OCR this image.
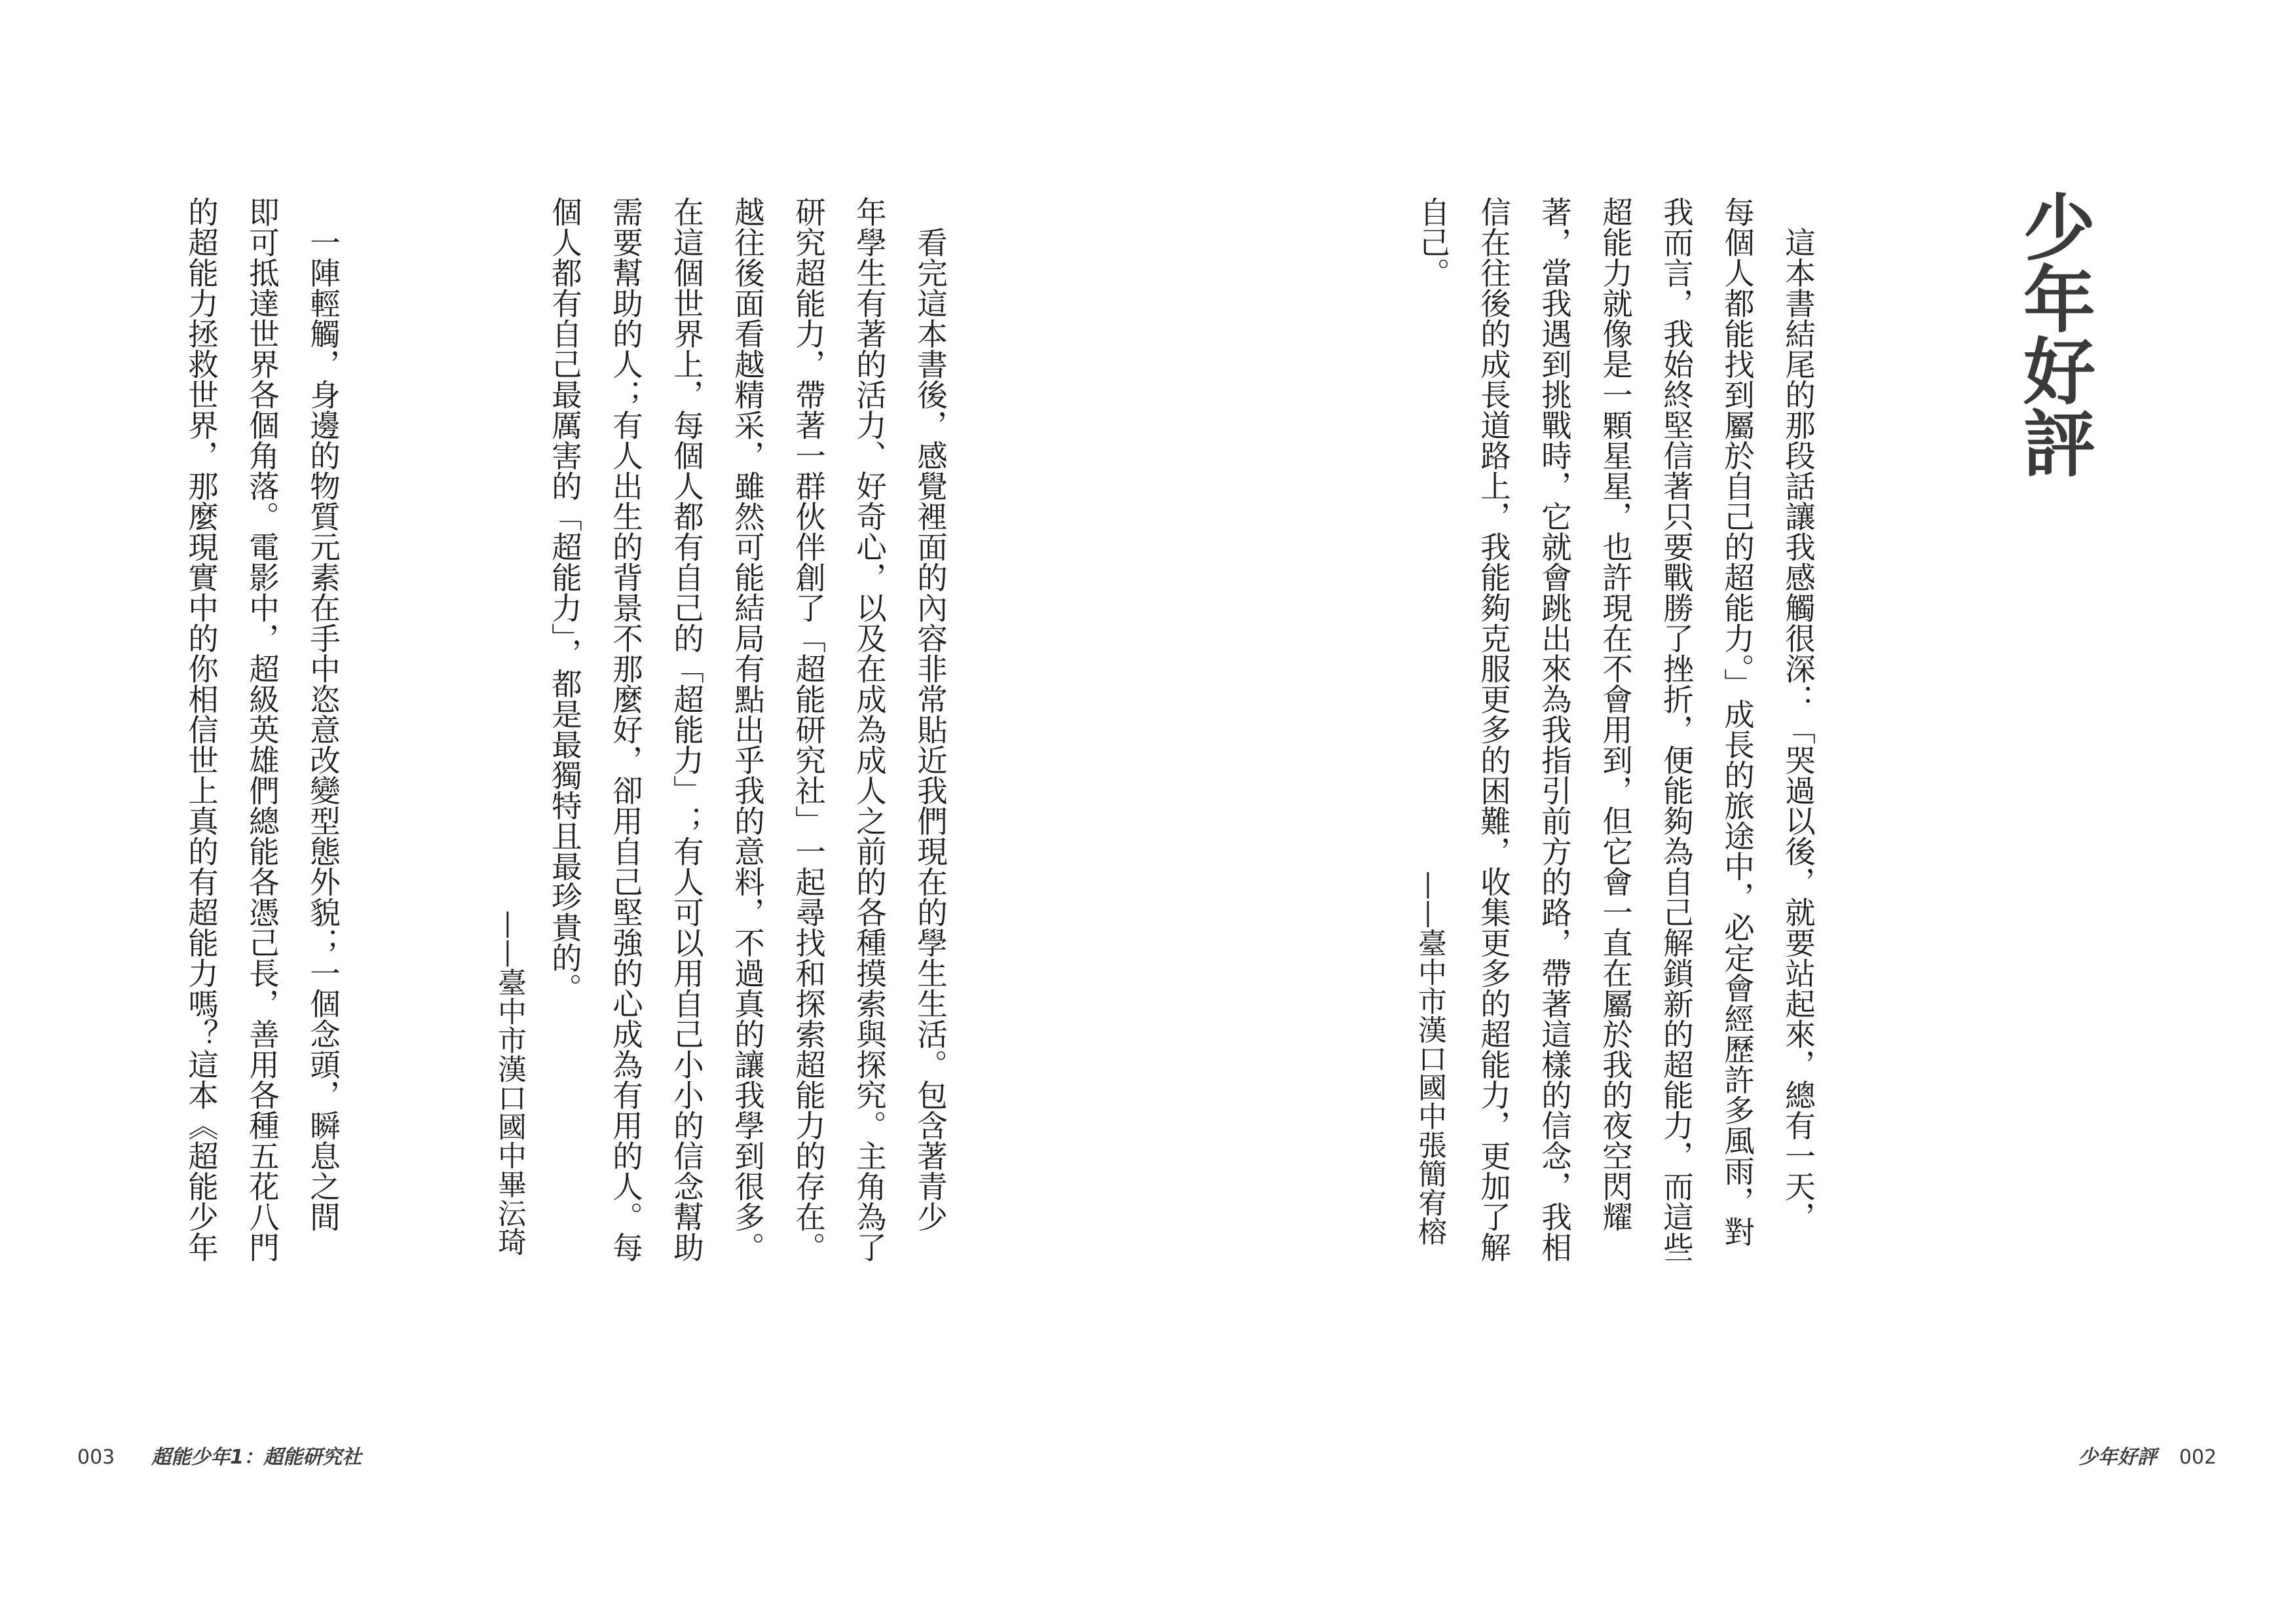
少年好評
　這本書結尾的那段話讓我感觸很深：「哭過以後，就要站起來，總有一天，
每個人都能找到屬於自己的超能力。」成長的旅途中，必定會經歷許多風雨，對
我而言，我始終堅信著只要戰勝了挫折，便能夠為自己解鎖新的超能力，而這些
超能力就像是一顆星星，也許現在不會用到，但它會一直在屬於我的夜空閃耀
著，當我遇到挑戰時，它就會跳出來為我指引前方的路，帶著這樣的信念，我相
信在往後的成長道路上，我能夠克服更多的困難，收集更多的超能力，更加了解
自己。
——臺中市漢口國中張簡宥榕
少年好評 002
　看完這本書後，感覺裡面的內容非常貼近我們現在的學生生活。包含著青少
年學生有著的活力、好奇心，以及在成為成人之前的各種摸索與探究。主角為了
研究超能力，帶著一群伙伴創了「超能研究社」一起尋找和探索超能力的存在。
越往後面看越精采，雖然可能結局有點出乎我的意料，不過真的讓我學到很多。
在這個世界上，每個人都有自己的「超能力」；有人可以用自己小小的信念幫助
需要幫助的人；有人出生的背景不那麼好，卻用自己堅強的心成為有用的人。每
個人都有自己最厲害的「超能力」，都是最獨特且最珍貴的。
——臺中市漢口國中畢沄琦
　一陣輕觸，身邊的物質元素在手中恣意改變型態外貌；一個念頭，瞬息之間
即可抵達世界各個角落。電影中，超級英雄們總能各憑己長，善用各種五花八門
的超能力拯救世界，那麼現實中的你相信世上真的有超能力嗎？這本《超能少年
003 超能少年1：超能研究社
